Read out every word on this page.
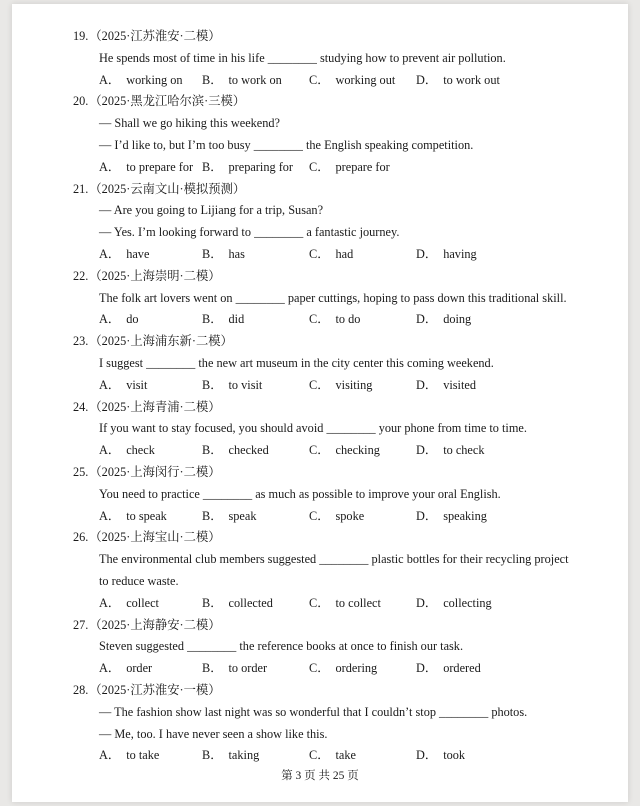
19.（2025·江苏淮安·二模）
He spends most of time in his life ________ studying how to prevent air pollution.
A． working on B． to work on C． working out D． to work out
20.（2025·黑龙江哈尔滨·三模）
— Shall we go hiking this weekend?
— I’d like to, but I’m too busy ________ the English speaking competition.
A． to prepare for B． preparing for C． prepare for
21.（2025·云南文山·模拟预测）
— Are you going to Lijiang for a trip, Susan?
— Yes. I’m looking forward to ________ a fantastic journey.
A． have	B． has	C． had	D． having
22.（2025·上海崇明·二模）
The folk art lovers went on ________ paper cuttings, hoping to pass down this traditional skill.
A． do	B． did	C． to do	D． doing
23.（2025·上海浦东新·二模）
I suggest ________ the new art museum in the city center this coming weekend.
A． visit	B． to visit	C． visiting	D． visited
24.（2025·上海青浦·二模）
If you want to stay focused, you should avoid ________ your phone from time to time.
A． check	B． checked	C． checking	D． to check
25.（2025·上海闵行·二模）
You need to practice ________ as much as possible to improve your oral English.
A． to speak	B． speak	C． spoke	D． speaking
26.（2025·上海宝山·二模）
The environmental club members suggested ________ plastic bottles for their recycling project
to reduce waste.
A． collect	B． collected	C． to collect	D． collecting
27.（2025·上海静安·二模）
Steven suggested ________ the reference books at once to finish our task.
A． order	B． to order	C． ordering	D． ordered
28.（2025·江苏淮安·一模）
— The fashion show last night was so wonderful that I couldn’t stop ________ photos.
— Me, too. I have never seen a show like this.
A． to take	B． taking	C． take	D． took
第 3 页 共 25 页
